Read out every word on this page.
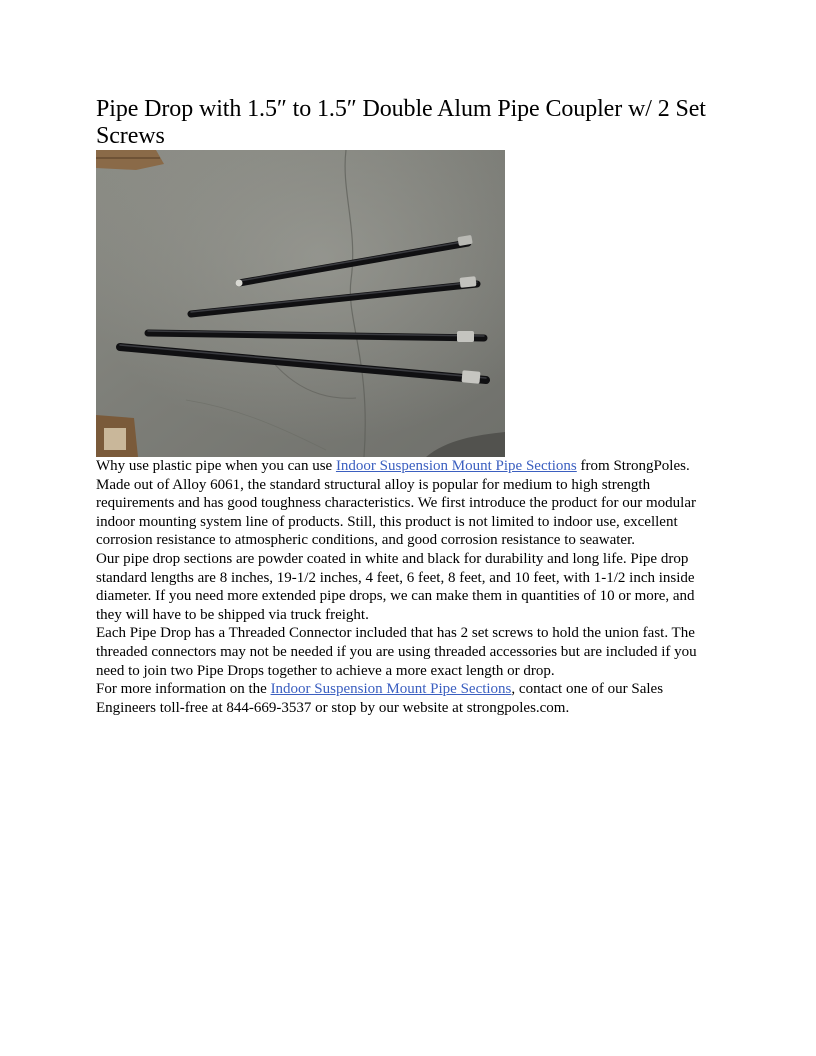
Pipe Drop with 1.5″ to 1.5″ Double Alum Pipe Coupler w/ 2 Set Screws

Why use plastic pipe when you can use Indoor Suspension Mount Pipe Sections from StrongPoles. Made out of Alloy 6061, the standard structural alloy is popular for medium to high strength requirements and has good toughness characteristics. We first introduce the product for our modular indoor mounting system line of products. Still, this product is not limited to indoor use, excellent corrosion resistance to atmospheric conditions, and good corrosion resistance to seawater.

Our pipe drop sections are powder coated in white and black for durability and long life. Pipe drop standard lengths are 8 inches, 19-1/2 inches, 4 feet, 6 feet, 8 feet, and 10 feet, with 1-1/2 inch inside diameter. If you need more extended pipe drops, we can make them in quantities of 10 or more, and they will have to be shipped via truck freight.

Each Pipe Drop has a Threaded Connector included that has 2 set screws to hold the union fast. The threaded connectors may not be needed if you are using threaded accessories but are included if you need to join two Pipe Drops together to achieve a more exact length or drop.

For more information on the Indoor Suspension Mount Pipe Sections, contact one of our Sales Engineers toll-free at 844-669-3537 or stop by our website at strongpoles.com.
